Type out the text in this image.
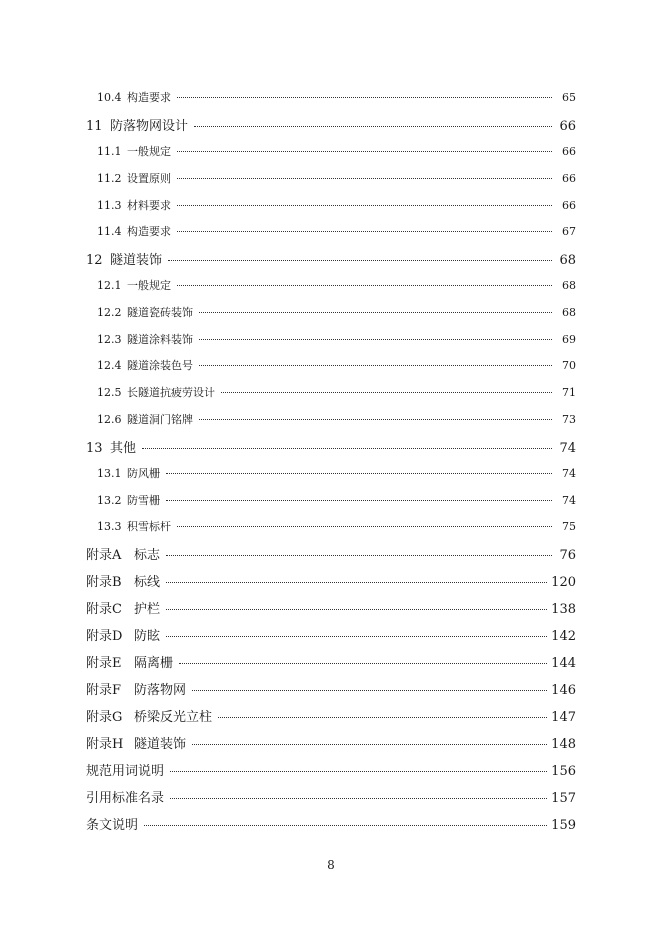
10.4 构造要求	65
11 防落物网设计	66
11.1 一般规定	66
11.2 设置原则	66
11.3 材料要求	66
11.4 构造要求	67
12 隧道装饰	68
12.1 一般规定	68
12.2 隧道瓷砖装饰	68
12.3 隧道涂料装饰	69
12.4 隧道涂装色号	70
12.5 长隧道抗疲劳设计	71
12.6 隧道洞门铭牌	73
13 其他	74
13.1 防风栅	74
13.2 防雪栅	74
13.3 积雪标杆	75
附录A 标志	76
附录B 标线	120
附录C 护栏	138
附录D 防眩	142
附录E 隔离栅	144
附录F 防落物网	146
附录G 桥梁反光立柱	147
附录H 隧道装饰	148
规范用词说明	156
引用标准名录	157
条文说明	159
8
